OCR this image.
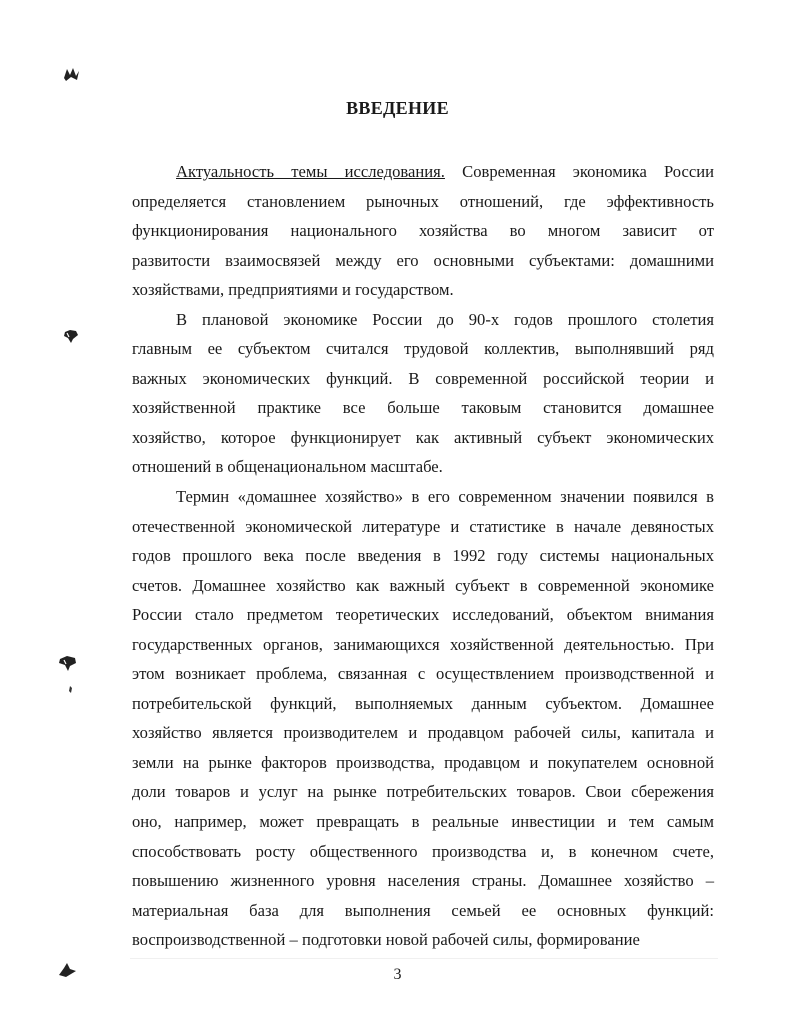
ВВЕДЕНИЕ
Актуальность темы исследования. Современная экономика России
определяется становлением рыночных отношений, где эффективность
функционирования национального хозяйства во многом зависит от
развитости взаимосвязей между его основными субъектами: домашними
хозяйствами, предприятиями и государством.
В плановой экономике России до 90-х годов прошлого столетия
главным ее субъектом считался трудовой коллектив, выполнявший ряд
важных экономических функций. В современной российской теории и
хозяйственной практике все больше таковым становится домашнее
хозяйство, которое функционирует как активный субъект экономических
отношений в общенациональном масштабе.
Термин «домашнее хозяйство» в его современном значении появился в
отечественной экономической литературе и статистике в начале девяностых
годов прошлого века после введения в 1992 году системы национальных
счетов. Домашнее хозяйство как важный субъект в современной экономике
России стало предметом теоретических исследований, объектом внимания
государственных органов, занимающихся хозяйственной деятельностью. При
этом возникает проблема, связанная с осуществлением производственной и
потребительской функций, выполняемых данным субъектом. Домашнее
хозяйство является производителем и продавцом рабочей силы, капитала и
земли на рынке факторов производства, продавцом и покупателем основной
доли товаров и услуг на рынке потребительских товаров. Свои сбережения
оно, например, может превращать в реальные инвестиции и тем самым
способствовать росту общественного производства и, в конечном счете,
повышению жизненного уровня населения страны. Домашнее хозяйство –
материальная база для выполнения семьей ее основных функций:
воспроизводственной – подготовки новой рабочей силы, формирование
3
